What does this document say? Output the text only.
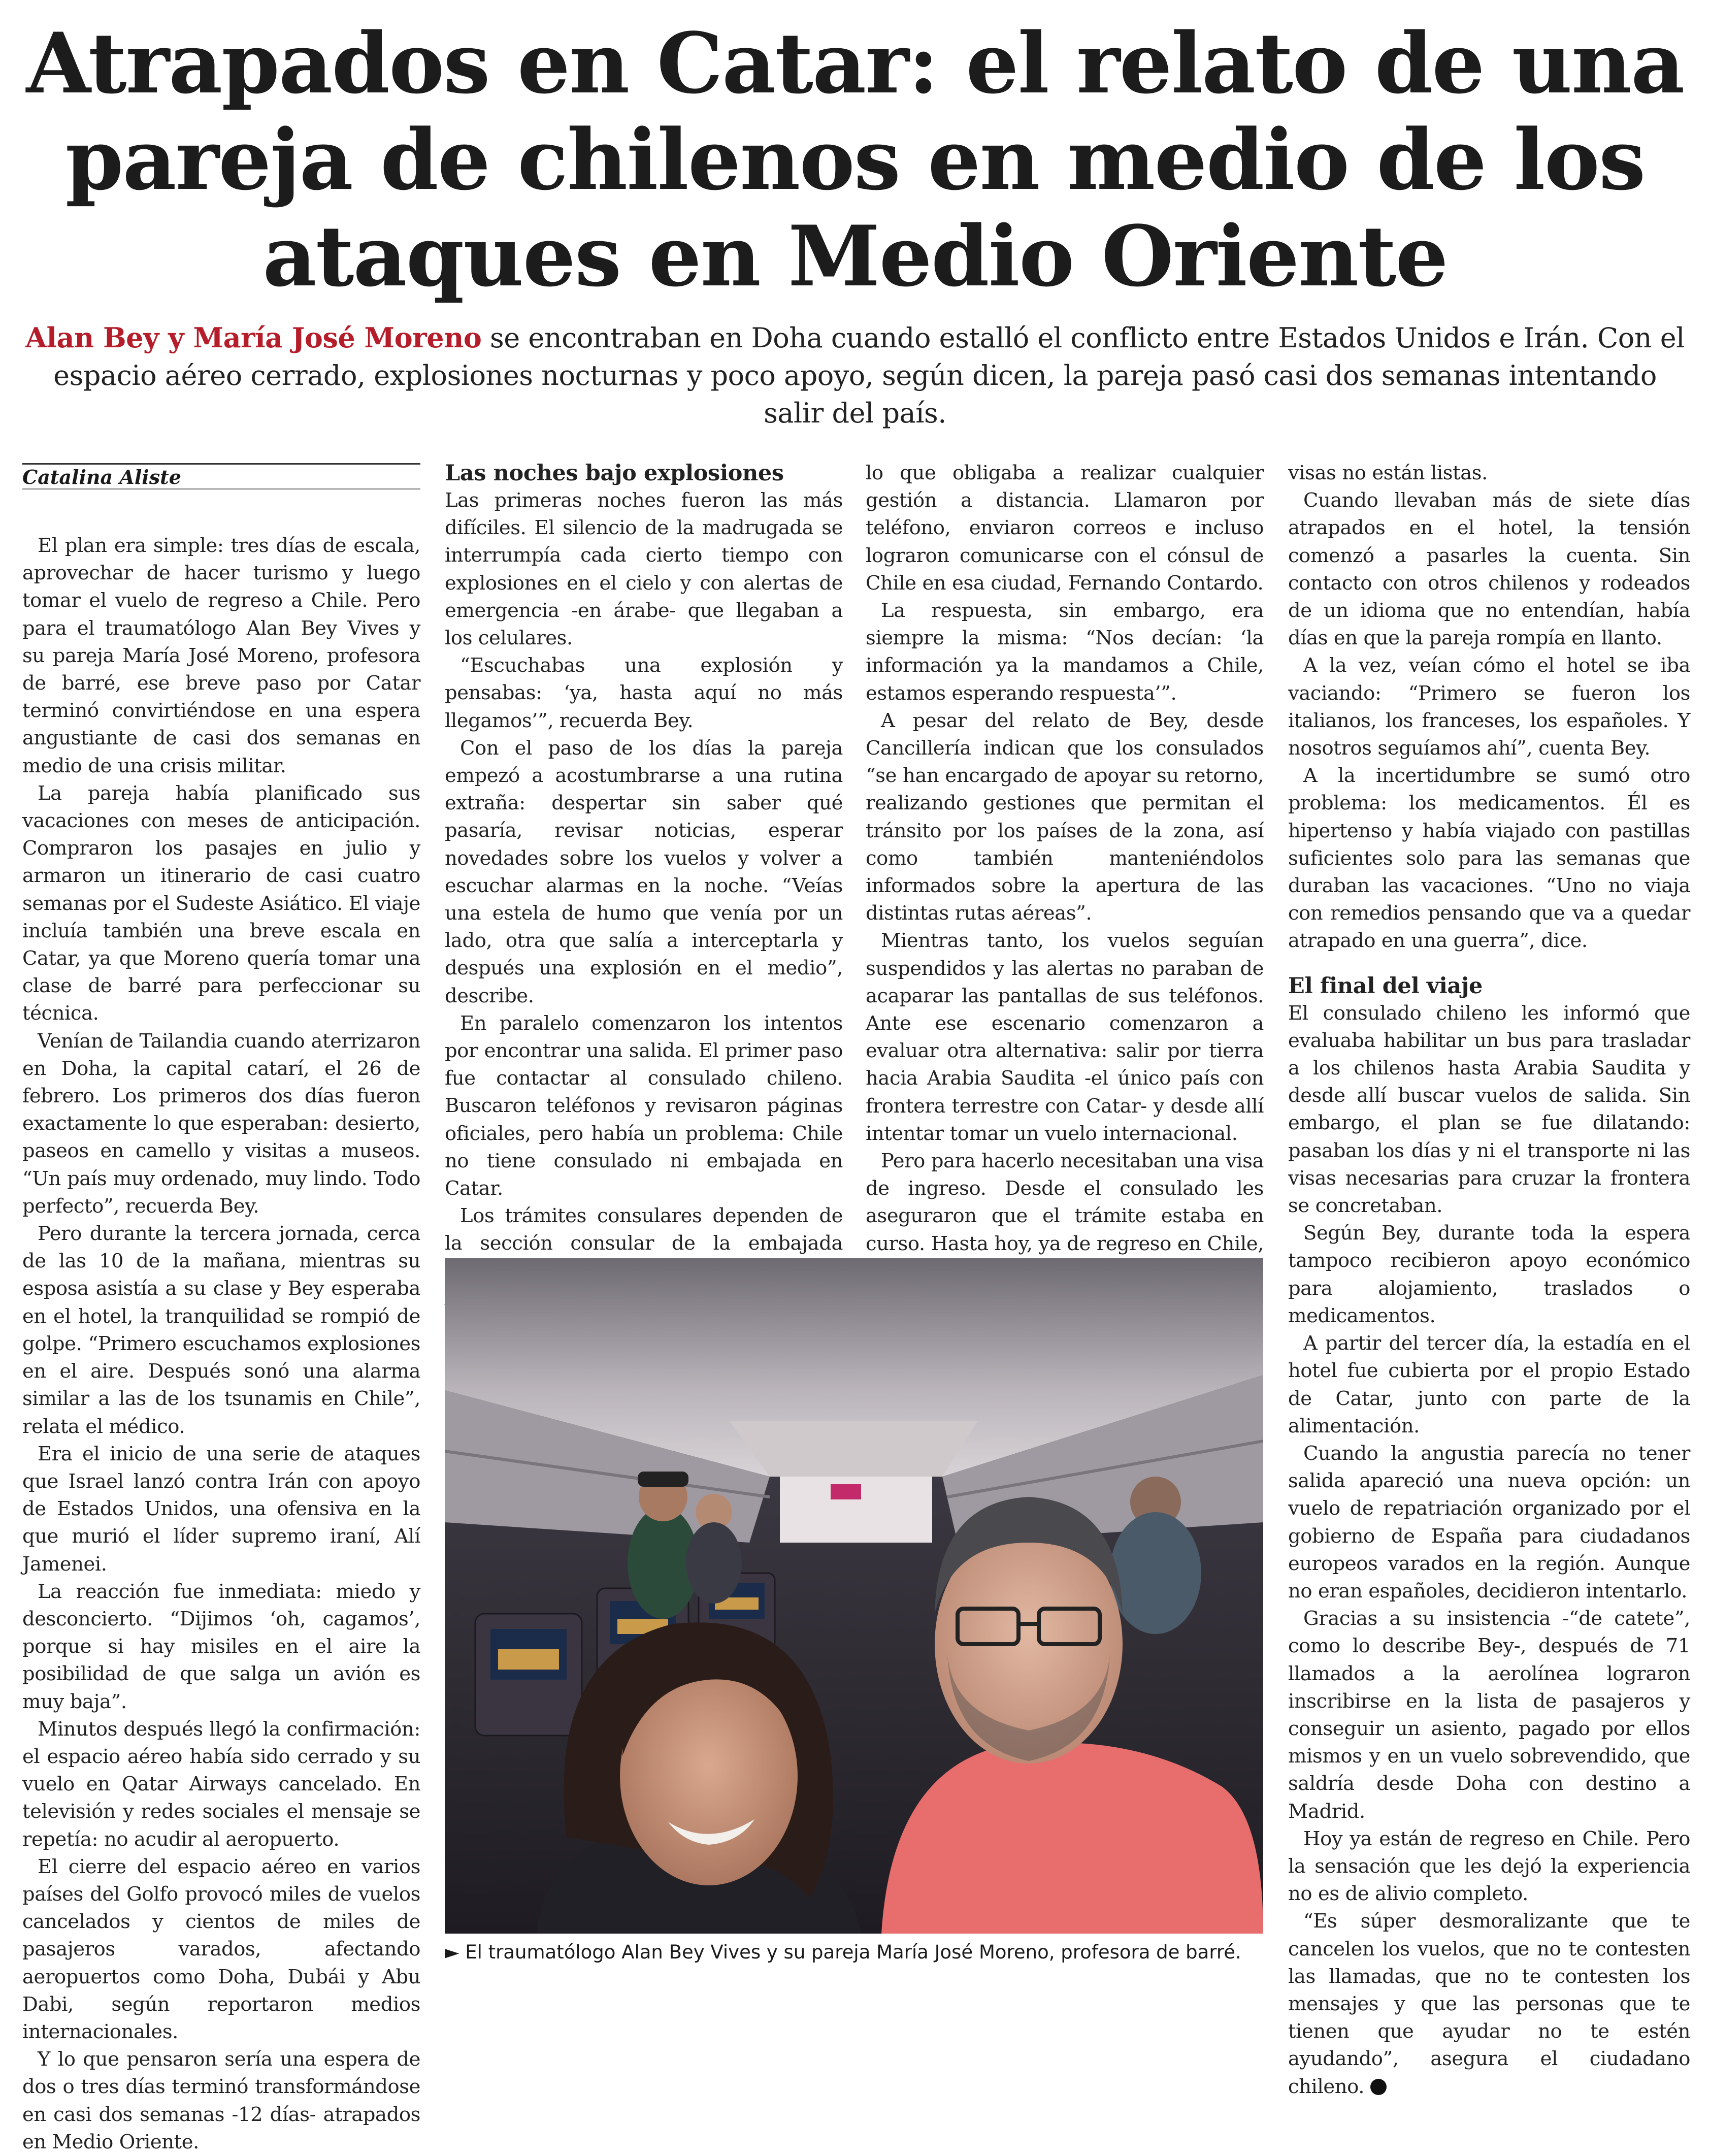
Atrapados en Catar: el relato de una
pareja de chilenos en medio de los
ataques en Medio Oriente
Alan Bey y María José Moreno se encontraban en Doha cuando estalló el conflicto entre Estados Unidos e Irán. Con el espacio aéreo cerrado, explosiones nocturnas y poco apoyo, según dicen, la pareja pasó casi dos semanas intentando salir del país.
Catalina Aliste

El plan era simple: tres días de escala, aprovechar de hacer turismo y luego tomar el vuelo de regreso a Chile. Pero para el traumatólogo Alan Bey Vives y su pareja María José Moreno, profesora de barré, ese breve paso por Catar terminó convirtiéndose en una espera angustiante de casi dos semanas en medio de una crisis militar.

La pareja había planificado sus vacaciones con meses de anticipación. Compraron los pasajes en julio y armaron un itinerario de casi cuatro semanas por el Sudeste Asiático. El viaje incluía también una breve escala en Catar, ya que Moreno quería tomar una clase de barré para perfeccionar su técnica.

Venían de Tailandia cuando aterrizaron en Doha, la capital catarí, el 26 de febrero. Los primeros dos días fueron exactamente lo que esperaban: desierto, paseos en camello y visitas a museos. “Un país muy ordenado, muy lindo. Todo perfecto”, recuerda Bey.

Pero durante la tercera jornada, cerca de las 10 de la mañana, mientras su esposa asistía a su clase y Bey esperaba en el hotel, la tranquilidad se rompió de golpe. “Primero escuchamos explosiones en el aire. Después sonó una alarma similar a las de los tsunamis en Chile”, relata el médico.

Era el inicio de una serie de ataques que Israel lanzó contra Irán con apoyo de Estados Unidos, una ofensiva en la que murió el líder supremo iraní, Alí Jamenei.

La reacción fue inmediata: miedo y desconcierto. “Dijimos ‘oh, cagamos’, porque si hay misiles en el aire la posibilidad de que salga un avión es muy baja”.

Minutos después llegó la confirmación: el espacio aéreo había sido cerrado y su vuelo en Qatar Airways cancelado. En televisión y redes sociales el mensaje se repetía: no acudir al aeropuerto.

El cierre del espacio aéreo en varios países del Golfo provocó miles de vuelos cancelados y cientos de miles de pasajeros varados, afectando aeropuertos como Doha, Dubái y Abu Dabi, según reportaron medios internacionales.

Y lo que pensaron sería una espera de dos o tres días terminó transformándose en casi dos semanas -12 días- atrapados en Medio Oriente.

Las noches bajo explosiones

Las primeras noches fueron las más difíciles. El silencio de la madrugada se interrumpía cada cierto tiempo con explosiones en el cielo y con alertas de emergencia -en árabe- que llegaban a los celulares.

“Escuchabas una explosión y pensabas: ‘ya, hasta aquí no más llegamos’”, recuerda Bey.

Con el paso de los días la pareja empezó a acostumbrarse a una rutina extraña: despertar sin saber qué pasaría, revisar noticias, esperar novedades sobre los vuelos y volver a escuchar alarmas en la noche. “Veías una estela de humo que venía por un lado, otra que salía a interceptarla y después una explosión en el medio”, describe.

En paralelo comenzaron los intentos por encontrar una salida. El primer paso fue contactar al consulado chileno. Buscaron teléfonos y revisaron páginas oficiales, pero había un problema: Chile no tiene consulado ni embajada en Catar.

Los trámites consulares dependen de la sección consular de la embajada

lo que obligaba a realizar cualquier gestión a distancia. Llamaron por teléfono, enviaron correos e incluso lograron comunicarse con el cónsul de Chile en esa ciudad, Fernando Contardo.

La respuesta, sin embargo, era siempre la misma: “Nos decían: ‘la información ya la mandamos a Chile, estamos esperando respuesta’”.

A pesar del relato de Bey, desde Cancillería indican que los consulados “se han encargado de apoyar su retorno, realizando gestiones que permitan el tránsito por los países de la zona, así como también manteniéndolos informados sobre la apertura de las distintas rutas aéreas”.

Mientras tanto, los vuelos seguían suspendidos y las alertas no paraban de acaparar las pantallas de sus teléfonos. Ante ese escenario comenzaron a evaluar otra alternativa: salir por tierra hacia Arabia Saudita -el único país con frontera terrestre con Catar- y desde allí intentar tomar un vuelo internacional.

Pero para hacerlo necesitaban una visa de ingreso. Desde el consulado les aseguraron que el trámite estaba en curso. Hasta hoy, ya de regreso en Chile,

visas no están listas.

Cuando llevaban más de siete días atrapados en el hotel, la tensión comenzó a pasarles la cuenta. Sin contacto con otros chilenos y rodeados de un idioma que no entendían, había días en que la pareja rompía en llanto.

A la vez, veían cómo el hotel se iba vaciando: “Primero se fueron los italianos, los franceses, los españoles. Y nosotros seguíamos ahí”, cuenta Bey.

A la incertidumbre se sumó otro problema: los medicamentos. Él es hipertenso y había viajado con pastillas suficientes solo para las semanas que duraban las vacaciones. “Uno no viaja con remedios pensando que va a quedar atrapado en una guerra”, dice.

El final del viaje

El consulado chileno les informó que evaluaba habilitar un bus para trasladar a los chilenos hasta Arabia Saudita y desde allí buscar vuelos de salida. Sin embargo, el plan se fue dilatando: pasaban los días y ni el transporte ni las visas necesarias para cruzar la frontera se concretaban.

Según Bey, durante toda la espera tampoco recibieron apoyo económico para alojamiento, traslados o medicamentos.

A partir del tercer día, la estadía en el hotel fue cubierta por el propio Estado de Catar, junto con parte de la alimentación.

Cuando la angustia parecía no tener salida apareció una nueva opción: un vuelo de repatriación organizado por el gobierno de España para ciudadanos europeos varados en la región. Aunque no eran españoles, decidieron intentarlo.

Gracias a su insistencia -“de catete”, como lo describe Bey-, después de 71 llamados a la aerolínea lograron inscribirse en la lista de pasajeros y conseguir un asiento, pagado por ellos mismos y en un vuelo sobrevendido, que saldría desde Doha con destino a Madrid.

Hoy ya están de regreso en Chile. Pero la sensación que les dejó la experiencia no es de alivio completo.

“Es súper desmoralizante que te cancelen los vuelos, que no te contesten las llamadas, que no te contesten los mensajes y que las personas que te tienen que ayudar no te estén ayudando”, asegura el ciudadano chileno.

► El traumatólogo Alan Bey Vives y su pareja María José Moreno, profesora de barré.
